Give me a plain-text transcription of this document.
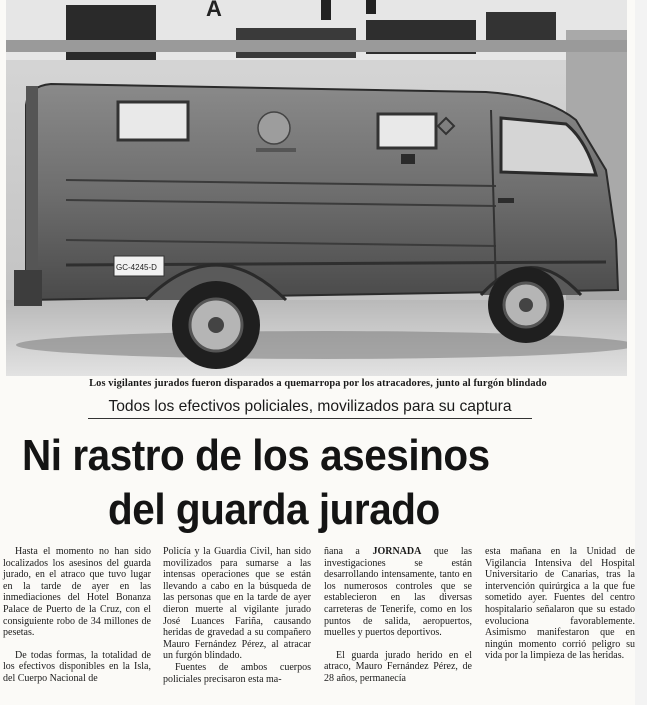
A
GC-4245-D
Los vigilantes jurados fueron disparados a quemarropa por los atracadores, junto al furgón blindado
Todos los efectivos policiales, movilizados para su captura
Ni rastro de los asesinos
del guarda jurado

Hasta el momento no han sido localizados los asesinos del guarda jurado, en el atraco que tuvo lugar en la tarde de ayer en las inmediaciones del Hotel Bonanza Palace de Puerto de la Cruz, con el consiguiente robo de 34 millones de pesetas.

De todas formas, la totalidad de los efectivos disponibles en la Isla, del Cuerpo Nacional de

Policía y la Guardia Civil, han sido movilizados para sumarse a las intensas operaciones que se están llevando a cabo en la búsqueda de las personas que en la tarde de ayer dieron muerte al vigilante jurado José Luances Fariña, causando heridas de gravedad a su compañero Mauro Fernández Pérez, al atracar un furgón blindado.

Fuentes de ambos cuerpos policiales precisaron esta ma-

ñana a JORNADA que las investigaciones se están desarrollando intensamente, tanto en los numerosos controles que se establecieron en las diversas carreteras de Tenerife, como en los puntos de salida, aeropuertos, muelles y puertos deportivos.

El guarda jurado herido en el atraco, Mauro Fernández Pérez, de 28 años, permanecía

esta mañana en la Unidad de Vigilancia Intensiva del Hospital Universitario de Canarias, tras la intervención quirúrgica a la que fue sometido ayer. Fuentes del centro hospitalario señalaron que su estado evoluciona favorablemente. Asimismo manifestaron que en ningún momento corrió peligro su vida por la limpieza de las heridas.
